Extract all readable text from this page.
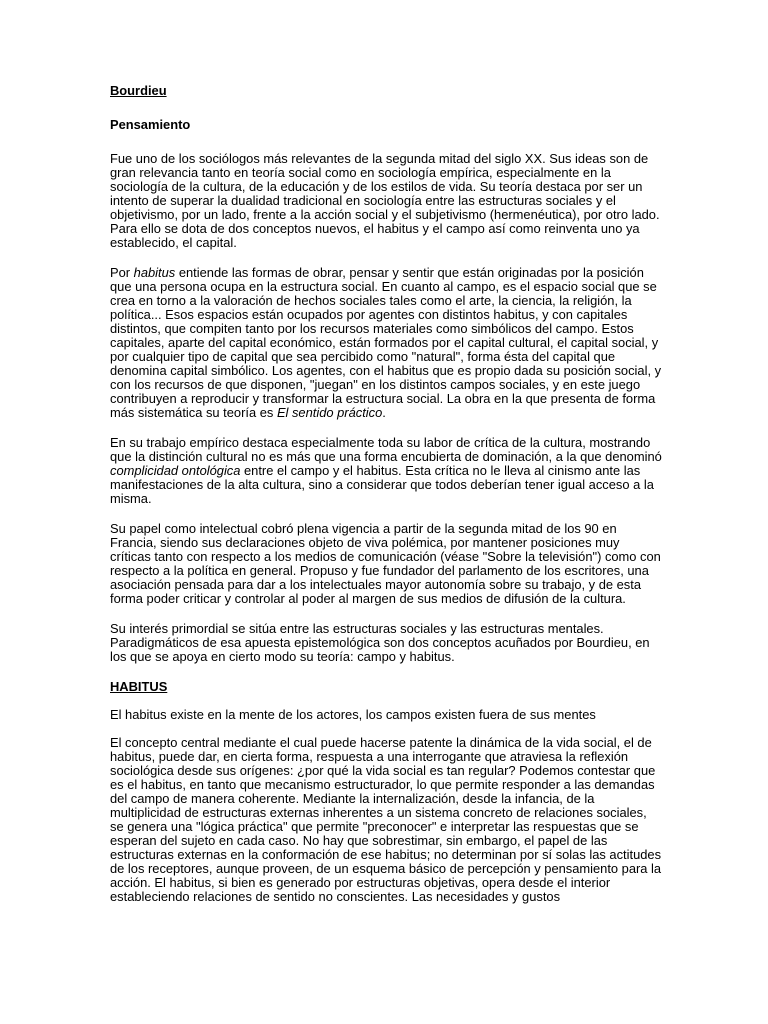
Bourdieu
Pensamiento

Fue uno de los sociólogos más relevantes de la segunda mitad del siglo XX. Sus ideas son de gran relevancia tanto en teoría social como en sociología empírica, especialmente en la sociología de la cultura, de la educación y de los estilos de vida. Su teoría destaca por ser un intento de superar la dualidad tradicional en sociología entre las estructuras sociales y el objetivismo, por un lado, frente a la acción social y el subjetivismo (hermenéutica), por otro lado. Para ello se dota de dos conceptos nuevos, el habitus y el campo así como reinventa uno ya establecido, el capital.

Por habitus entiende las formas de obrar, pensar y sentir que están originadas por la posición que una persona ocupa en la estructura social. En cuanto al campo, es el espacio social que se crea en torno a la valoración de hechos sociales tales como el arte, la ciencia, la religión, la política... Esos espacios están ocupados por agentes con distintos habitus, y con capitales distintos, que compiten tanto por los recursos materiales como simbólicos del campo. Estos capitales, aparte del capital económico, están formados por el capital cultural, el capital social, y por cualquier tipo de capital que sea percibido como "natural", forma ésta del capital que denomina capital simbólico. Los agentes, con el habitus que es propio dada su posición social, y con los recursos de que disponen, "juegan" en los distintos campos sociales, y en este juego contribuyen a reproducir y transformar la estructura social. La obra en la que presenta de forma más sistemática su teoría es El sentido práctico.

En su trabajo empírico destaca especialmente toda su labor de crítica de la cultura, mostrando que la distinción cultural no es más que una forma encubierta de dominación, a la que denominó complicidad ontológica entre el campo y el habitus. Esta crítica no le lleva al cinismo ante las manifestaciones de la alta cultura, sino a considerar que todos deberían tener igual acceso a la misma.

Su papel como intelectual cobró plena vigencia a partir de la segunda mitad de los 90 en Francia, siendo sus declaraciones objeto de viva polémica, por mantener posiciones muy críticas tanto con respecto a los medios de comunicación (véase "Sobre la televisión") como con respecto a la política en general. Propuso y fue fundador del parlamento de los escritores, una asociación pensada para dar a los intelectuales mayor autonomía sobre su trabajo, y de esta forma poder criticar y controlar al poder al margen de sus medios de difusión de la cultura.

Su interés primordial se sitúa entre las estructuras sociales y las estructuras mentales. Paradigmáticos de esa apuesta epistemológica son dos conceptos acuñados por Bourdieu, en los que se apoya en cierto modo su teoría: campo y habitus.

HABITUS

El habitus existe en la mente de los actores, los campos existen fuera de sus mentes

El concepto central mediante el cual puede hacerse patente la dinámica de la vida social, el de habitus, puede dar, en cierta forma, respuesta a una interrogante que atraviesa la reflexión sociológica desde sus orígenes: ¿por qué la vida social es tan regular? Podemos contestar que es el habitus, en tanto que mecanismo estructurador, lo que permite responder a las demandas del campo de manera coherente. Mediante la internalización, desde la infancia, de la multiplicidad de estructuras externas inherentes a un sistema concreto de relaciones sociales, se genera una "lógica práctica" que permite "preconocer" e interpretar las respuestas que se esperan del sujeto en cada caso. No hay que sobrestimar, sin embargo, el papel de las estructuras externas en la conformación de ese habitus; no determinan por sí solas las actitudes de los receptores, aunque proveen, de un esquema básico de percepción y pensamiento para la acción. El habitus, si bien es generado por estructuras objetivas, opera desde el interior estableciendo relaciones de sentido no conscientes. Las necesidades y gustos
